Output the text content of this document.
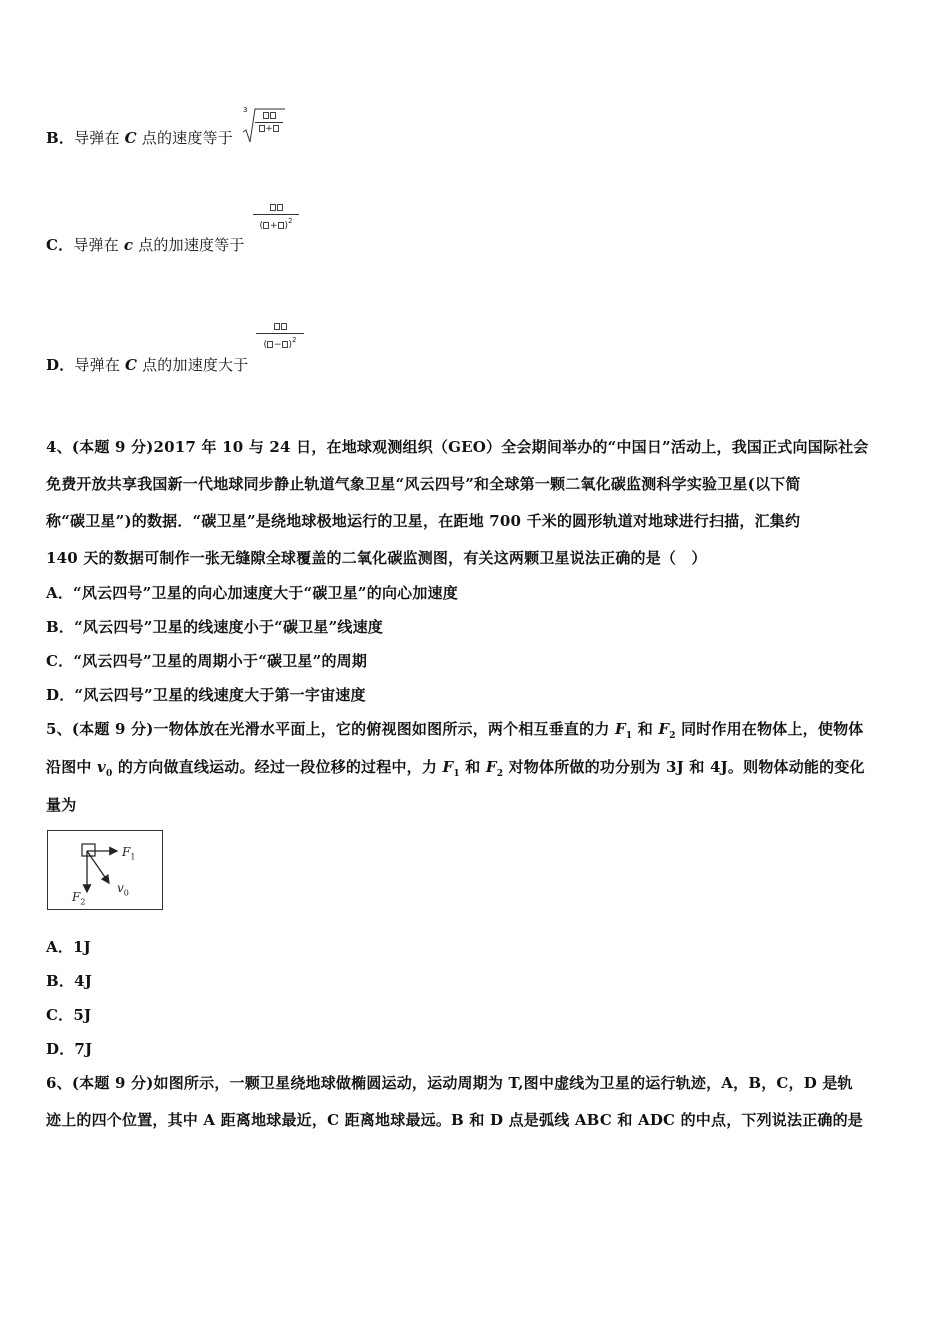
B．导弹在 C 点的速度等于
3
+
C．导弹在 c 点的加速度等于
( + )$^2$
D．导弹在 C 点的加速度大于
( − )$^2$
4、(本题 9 分)2017 年 10 与 24 日，在地球观测组织（GEO）全会期间举办的“中国日”活动上，我国正式向国际社会
免费开放共享我国新一代地球同步静止轨道气象卫星“风云四号”和全球第一颗二氧化碳监测科学实验卫星(以下简
称“碳卫星”)的数据．“碳卫星”是绕地球极地运行的卫星，在距地 700 千米的圆形轨道对地球进行扫描，汇集约
140 天的数据可制作一张无缝隙全球覆盖的二氧化碳监测图，有关这两颗卫星说法正确的是（　）
A．“风云四号”卫星的向心加速度大于“碳卫星”的向心加速度
B．“风云四号”卫星的线速度小于“碳卫星”线速度
C．“风云四号”卫星的周期小于“碳卫星”的周期
D．“风云四号”卫星的线速度大于第一宇宙速度
5、(本题 9 分)一物体放在光滑水平面上，它的俯视图如图所示，两个相互垂直的力 $F_1$ 和 $F_2$ 同时作用在物体上，使物体
沿图中 $v_0$ 的方向做直线运动。经过一段位移的过程中，力 $F_1$ 和 $F_2$ 对物体所做的功分别为 3J 和 4J。则物体动能的变化
量为
$F_1$
$F_2$
$v_0$
A．1J
B．4J
C．5J
D．7J
6、(本题 9 分)如图所示，一颗卫星绕地球做椭圆运动，运动周期为 T,图中虚线为卫星的运行轨迹，A，B，C，D 是轨
迹上的四个位置，其中 A 距离地球最近，C 距离地球最远。B 和 D 点是弧线 ABC 和 ADC 的中点，下列说法正确的是
